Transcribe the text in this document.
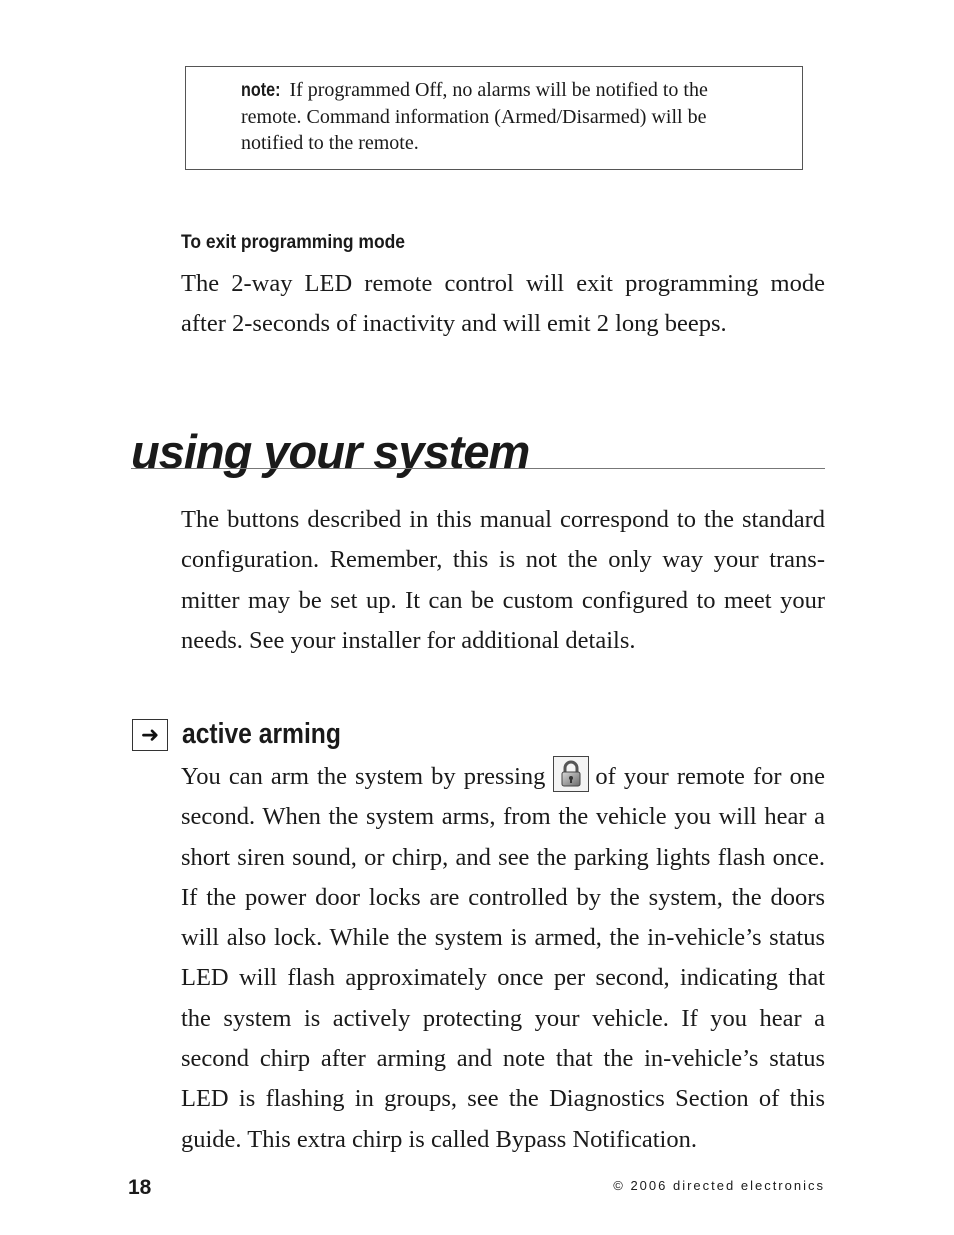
note: If programmed Off, no alarms will be notified to the remote. Command information (Armed/Disarmed) will be notified to the remote.

To exit programming mode

The 2-way LED remote control will exit programming mode after 2-seconds of inactivity and will emit 2 long beeps.

using your system

The buttons described in this manual correspond to the standard configuration. Remember, this is not the only way your trans-mitter may be set up. It can be custom configured to meet your needs. See your installer for additional details.

➜ active arming

You can arm the system by pressing of your remote for one second. When the system arms, from the vehicle you will hear a short siren sound, or chirp, and see the parking lights flash once. If the power door locks are controlled by the system, the doors will also lock. While the system is armed, the in-vehicle’s status LED will flash approximately once per second, indicating that the system is actively protecting your vehicle. If you hear a second chirp after arming and note that the in-vehicle’s status LED is flashing in groups, see the Diagnostics Section of this guide. This extra chirp is called Bypass Notification.

18	© 2006 directed electronics
